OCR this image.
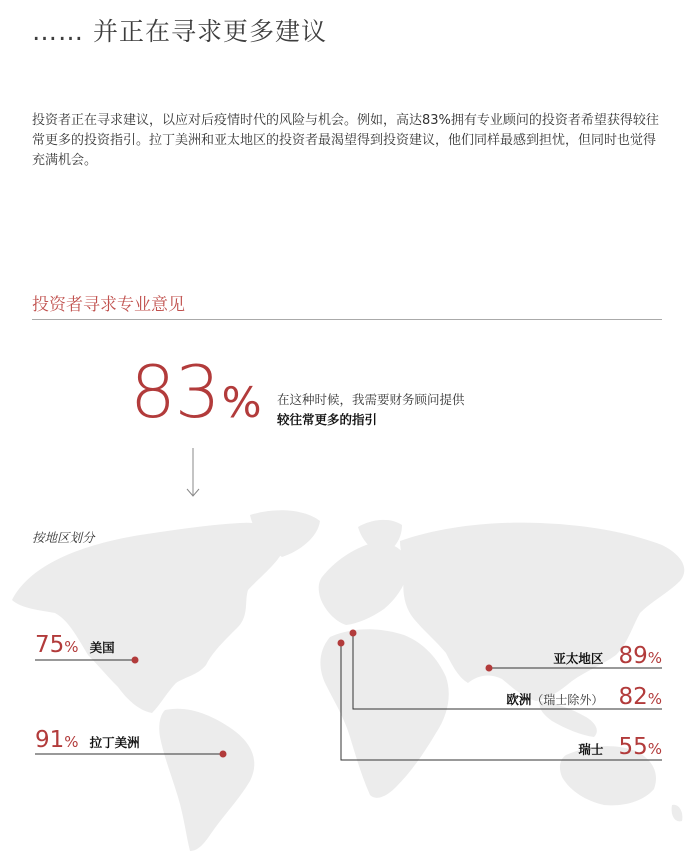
…… 并正在寻求更多建议

投资者正在寻求建议，以应对后疫情时代的风险与机会。例如，高达83%拥有专业顾问的投资者希望获得较往常更多的投资指引。拉丁美洲和亚太地区的投资者最渴望得到投资建议，他们同样最感到担忧，但同时也觉得充满机会。

投资者寻求专业意见
83% 在这种时候，我需要财务顾问提供
较往常更多的指引
按地区划分
75% 美国
91% 拉丁美洲
亚太地区 89%
欧洲（瑞士除外） 82%
瑞士 55%
